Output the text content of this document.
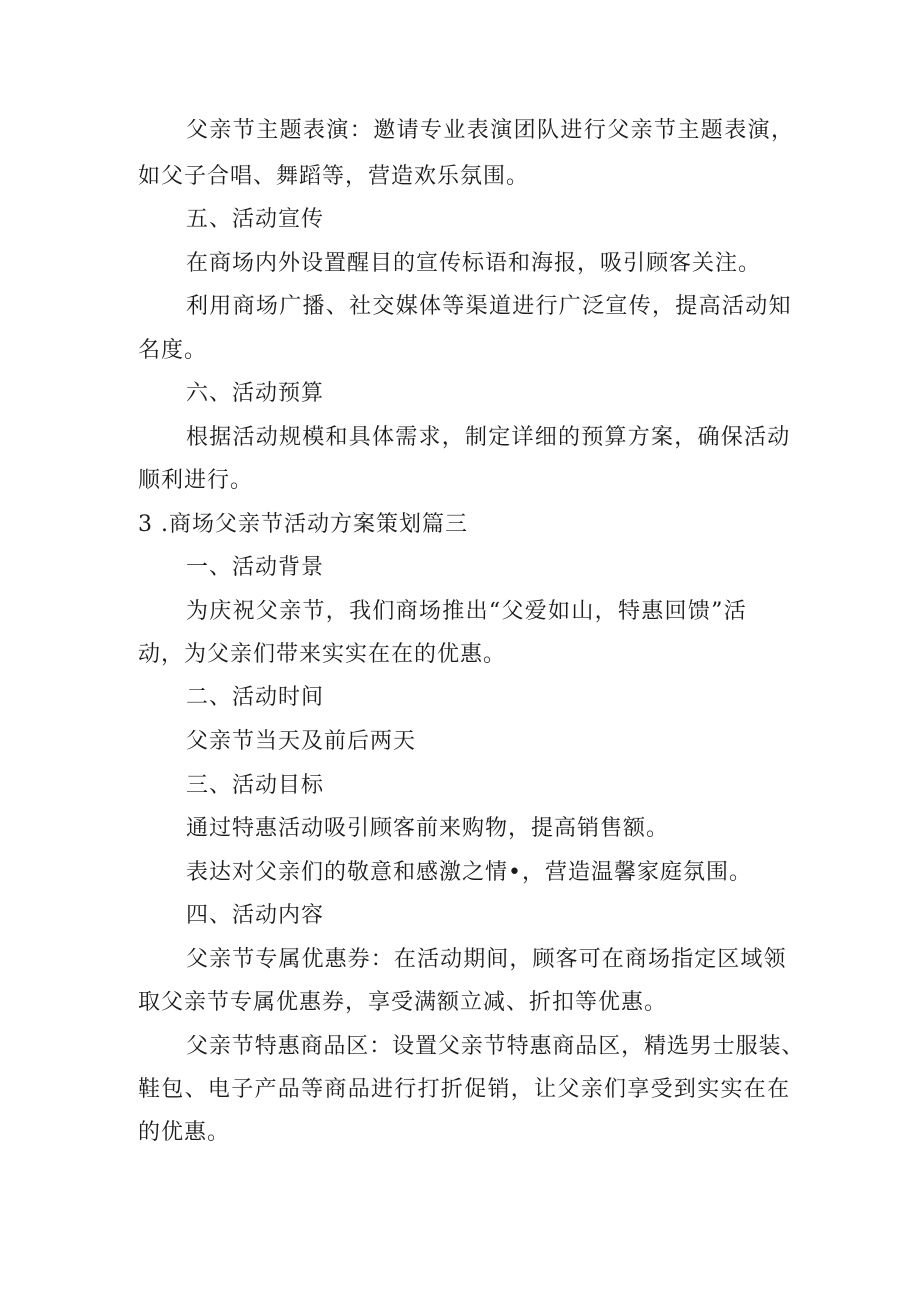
父亲节主题表演：邀请专业表演团队进行父亲节主题表演，
如父子合唱、舞蹈等，营造欢乐氛围。
五、活动宣传
在商场内外设置醒目的宣传标语和海报，吸引顾客关注。
利用商场广播、社交媒体等渠道进行广泛宣传，提高活动知
名度。
六、活动预算
根据活动规模和具体需求，制定详细的预算方案，确保活动
顺利进行。
3 .商场父亲节活动方案策划篇三
一、活动背景
为庆祝父亲节，我们商场推出“父爱如山，特惠回馈”活
动，为父亲们带来实实在在的优惠。
二、活动时间
父亲节当天及前后两天
三、活动目标
通过特惠活动吸引顾客前来购物，提高销售额。
表达对父亲们的敬意和感激之情•，营造温馨家庭氛围。
四、活动内容
父亲节专属优惠券：在活动期间，顾客可在商场指定区域领
取父亲节专属优惠券，享受满额立减、折扣等优惠。
父亲节特惠商品区：设置父亲节特惠商品区，精选男士服装、
鞋包、电子产品等商品进行打折促销，让父亲们享受到实实在在
的优惠。
